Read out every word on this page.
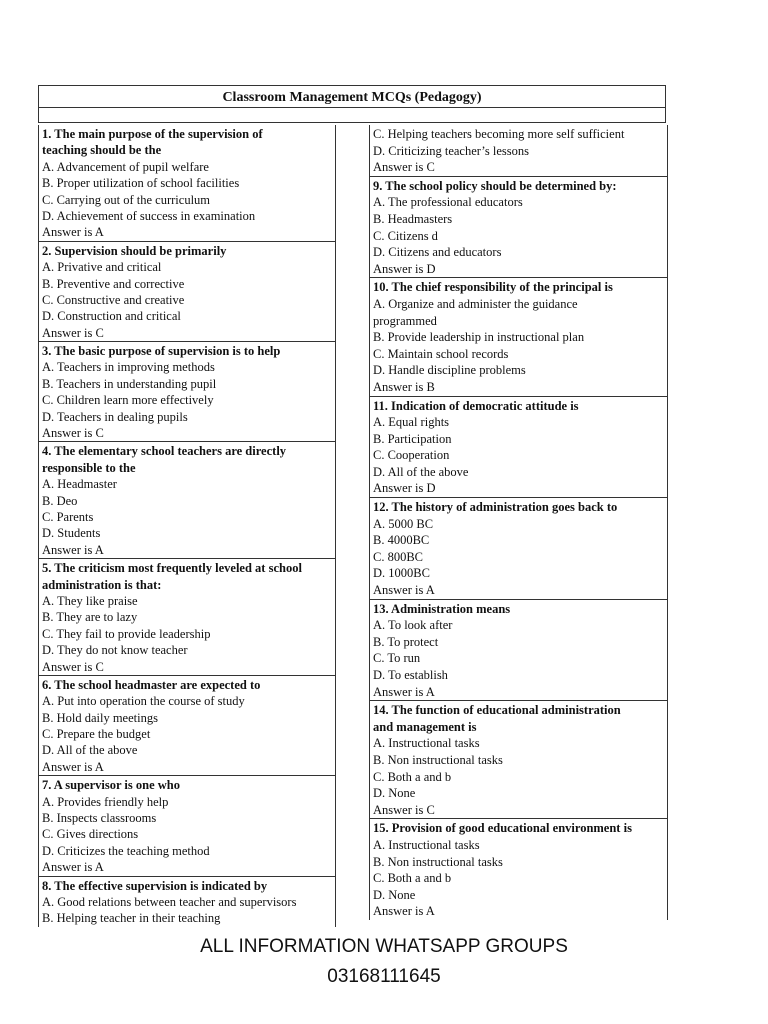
Classroom Management MCQs (Pedagogy)
1. The main purpose of the supervision of
teaching should be the
A. Advancement of pupil welfare
B. Proper utilization of school facilities
C. Carrying out of the curriculum
D. Achievement of success in examination
Answer is A
2. Supervision should be primarily
A. Privative and critical
B. Preventive and corrective
C. Constructive and creative
D. Construction and critical
Answer is C
3. The basic purpose of supervision is to help
A. Teachers in improving methods
B. Teachers in understanding pupil
C. Children learn more effectively
D. Teachers in dealing pupils
Answer is C
4. The elementary school teachers are directly
responsible to the
A. Headmaster
B. Deo
C. Parents
D. Students
Answer is A
5. The criticism most frequently leveled at school
administration is that:
A. They like praise
B. They are to lazy
C. They fail to provide leadership
D. They do not know teacher
Answer is C
6. The school headmaster are expected to
A. Put into operation the course of study
B. Hold daily meetings
C. Prepare the budget
D. All of the above
Answer is A
7. A supervisor is one who
A. Provides friendly help
B. Inspects classrooms
C. Gives directions
D. Criticizes the teaching method
Answer is A
8. The effective supervision is indicated by
A. Good relations between teacher and supervisors
B. Helping teacher in their teaching
C. Helping teachers becoming more self sufficient
D. Criticizing teacher’s lessons
Answer is C
9. The school policy should be determined by:
A. The professional educators
B. Headmasters
C. Citizens d
D. Citizens and educators
Answer is D
10. The chief responsibility of the principal is
A. Organize and administer the guidance
programmed
B. Provide leadership in instructional plan
C. Maintain school records
D. Handle discipline problems
Answer is B
11. Indication of democratic attitude is
A. Equal rights
B. Participation
C. Cooperation
D. All of the above
Answer is D
12. The history of administration goes back to
A. 5000 BC
B. 4000BC
C. 800BC
D. 1000BC
Answer is A
13. Administration means
A. To look after
B. To protect
C. To run
D. To establish
Answer is A
14. The function of educational administration
and management is
A. Instructional tasks
B. Non instructional tasks
C. Both a and b
D. None
Answer is C
15. Provision of good educational environment is
A. Instructional tasks
B. Non instructional tasks
C. Both a and b
D. None
Answer is A
ALL INFORMATION WHATSAPP GROUPS
03168111645
